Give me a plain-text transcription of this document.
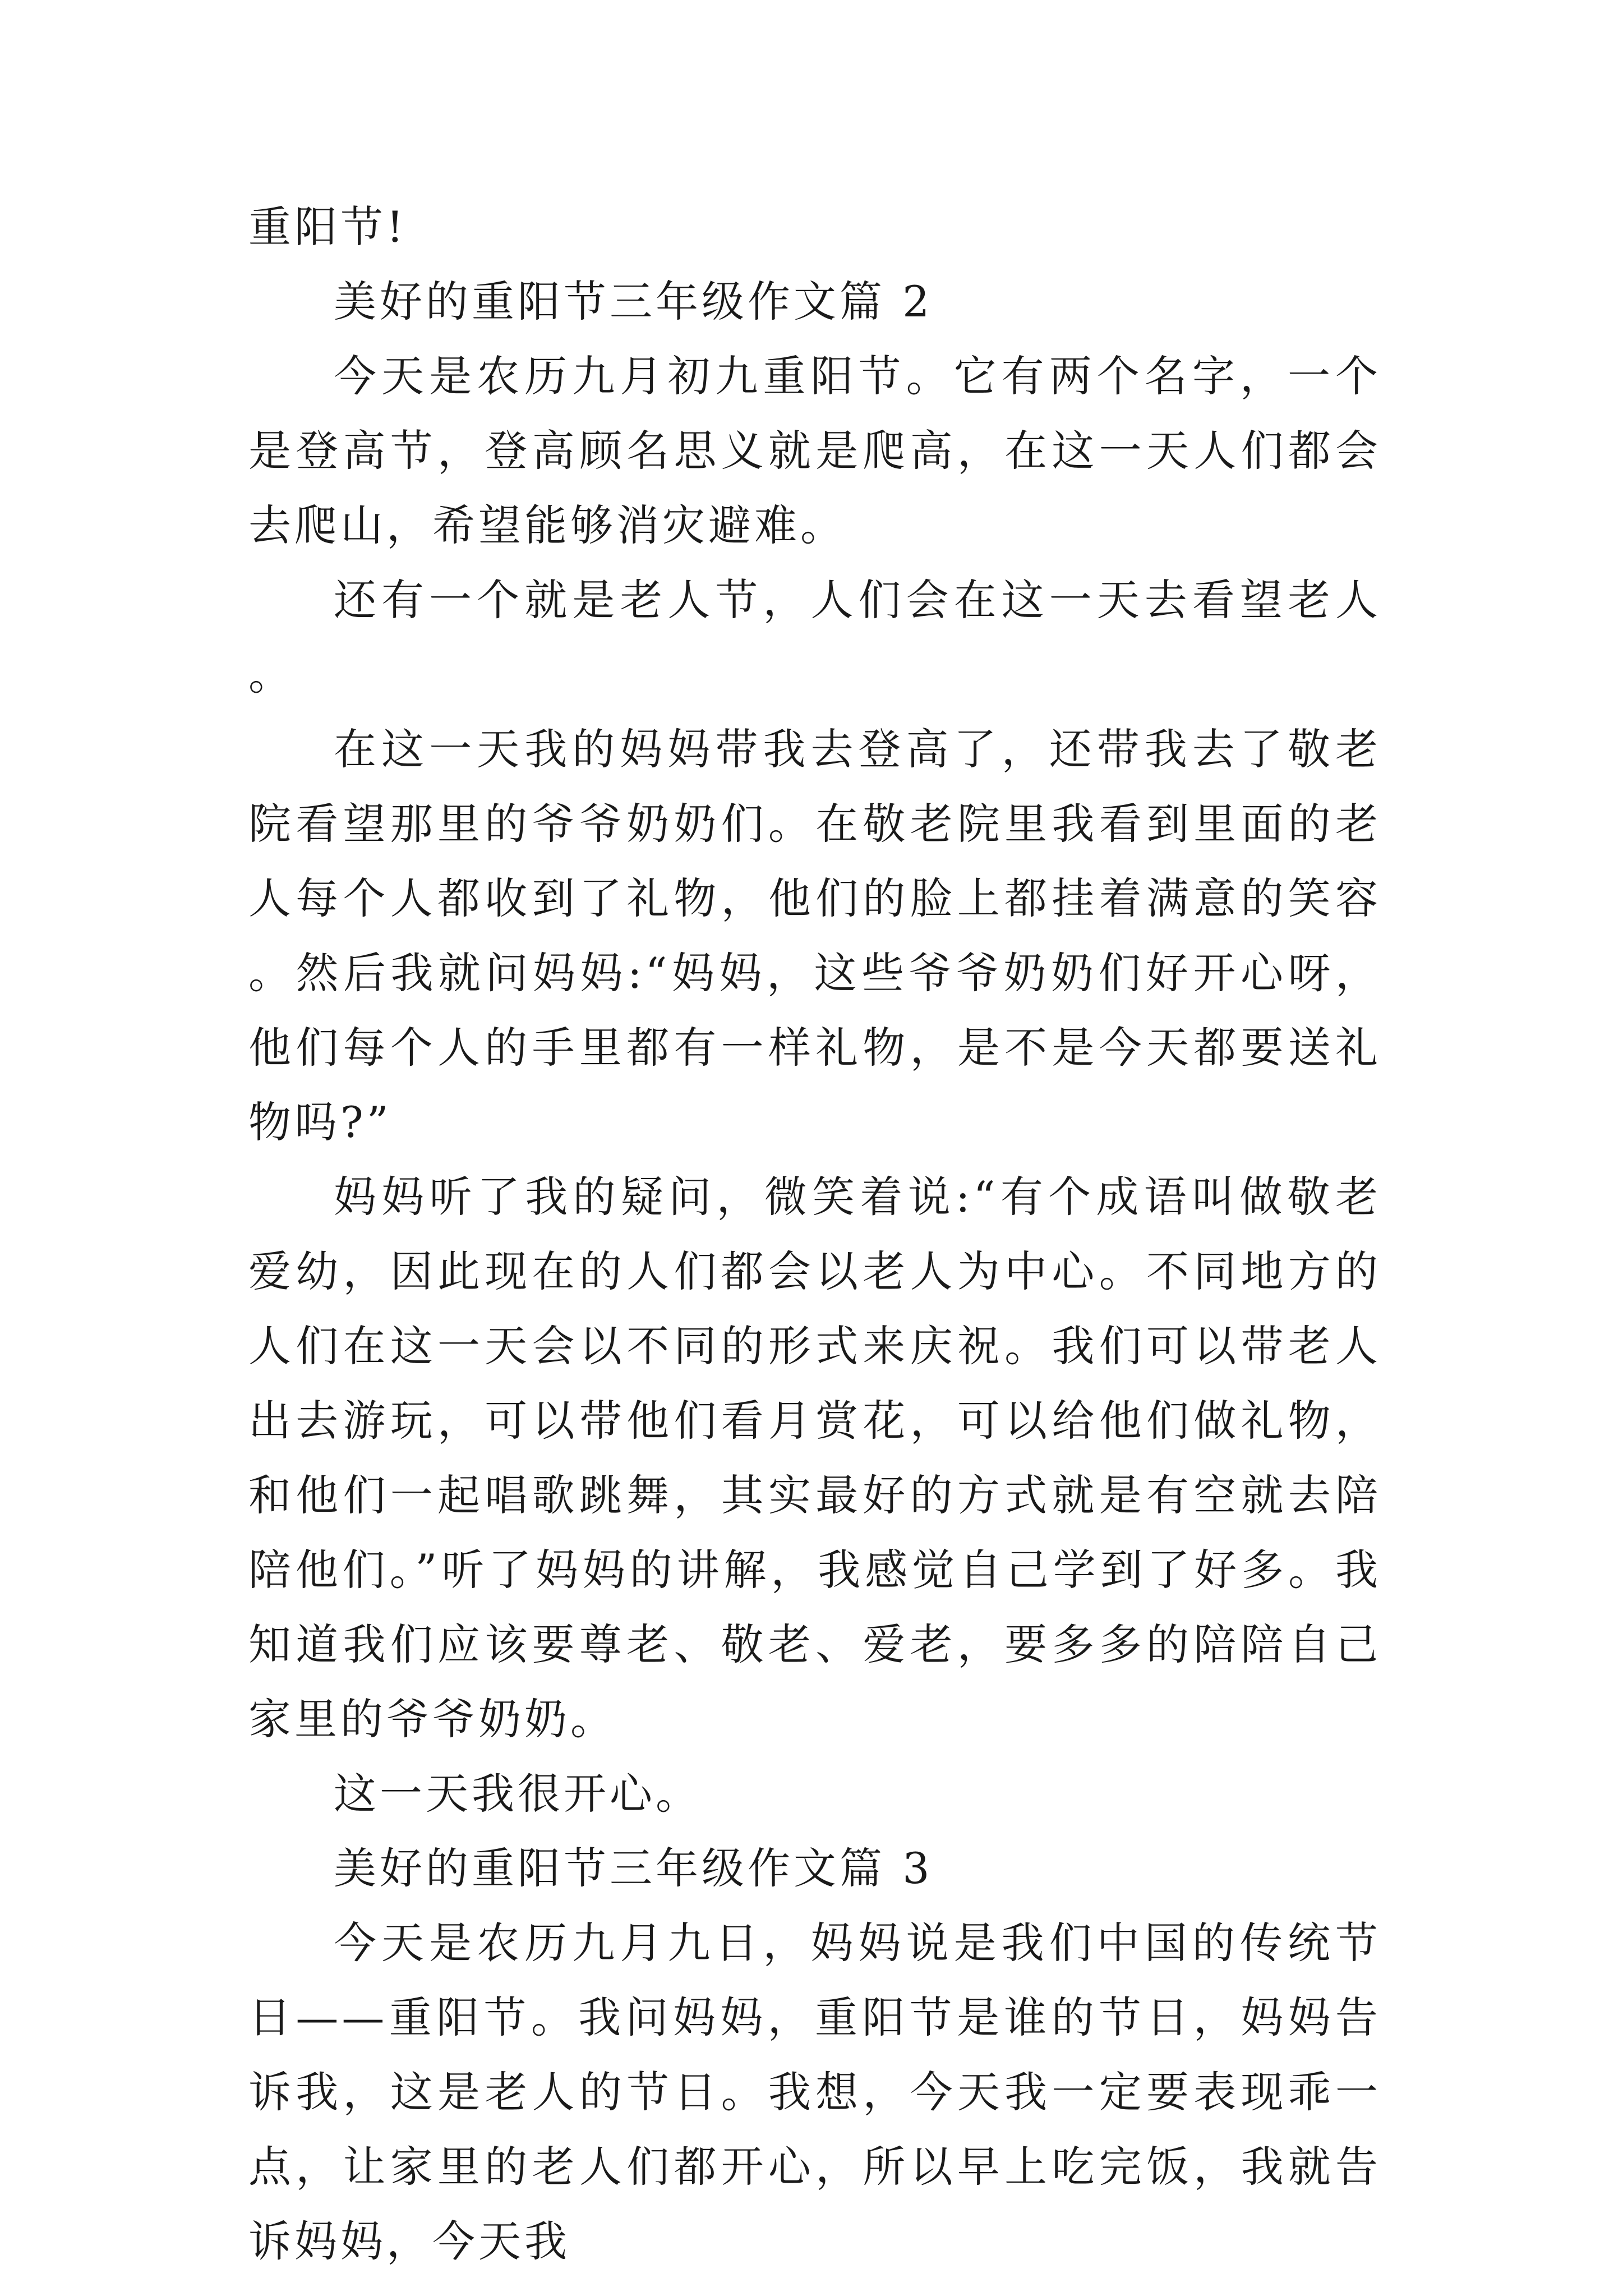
重阳节!

美好的重阳节三年级作文篇 2

今天是农历九月初九重阳节。它有两个名字，一个是登高节，登高顾名思义就是爬高，在这一天人们都会去爬山，希望能够消灾避难。

还有一个就是老人节，人们会在这一天去看望老人。

在这一天我的妈妈带我去登高了，还带我去了敬老院看望那里的爷爷奶奶们。在敬老院里我看到里面的老人每个人都收到了礼物，他们的脸上都挂着满意的笑容。然后我就问妈妈:“妈妈，这些爷爷奶奶们好开心呀，他们每个人的手里都有一样礼物，是不是今天都要送礼物吗?”

妈妈听了我的疑问，微笑着说:“有个成语叫做敬老爱幼，因此现在的人们都会以老人为中心。不同地方的人们在这一天会以不同的形式来庆祝。我们可以带老人出去游玩，可以带他们看月赏花，可以给他们做礼物，和他们一起唱歌跳舞，其实最好的方式就是有空就去陪陪他们。”听了妈妈的讲解，我感觉自己学到了好多。我知道我们应该要尊老、敬老、爱老，要多多的陪陪自己家里的爷爷奶奶。

这一天我很开心。

美好的重阳节三年级作文篇 3

今天是农历九月九日，妈妈说是我们中国的传统节日——重阳节。我问妈妈，重阳节是谁的节日，妈妈告诉我，这是老人的节日。我想，今天我一定要表现乖一点，让家里的老人们都开心，所以早上吃完饭，我就告诉妈妈，今天我
